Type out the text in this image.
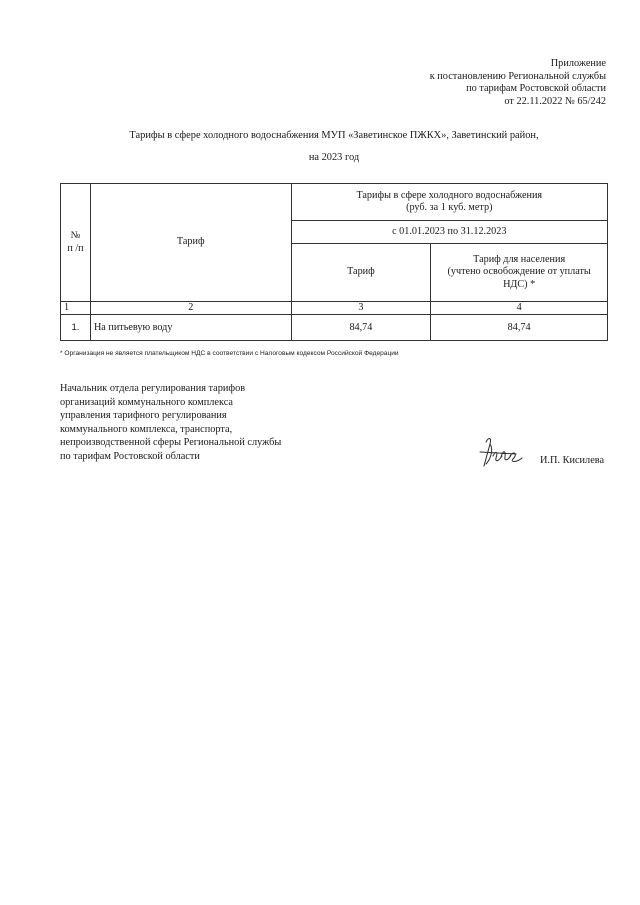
Приложение
к постановлению Региональной службы
по тарифам Ростовской области
от 22.11.2022 № 65/242
Тарифы в сфере холодного водоснабжения МУП «Заветинское ПЖКХ», Заветинский район,
на 2023 год
№
п /п	Тариф	Тарифы в сфере холодного водоснабжения
(руб. за 1 куб. метр)	
		с 01.01.2023 по 31.12.2023	
		Тариф	Тариф для населения
(учтено освобождение от уплаты
НДС) *
1	2	3	4
1.	На питьевую воду	84,74	84,74
* Организация не является плательщиком НДС в соответствии с Налоговым кодексом Российской Федерации
Начальник отдела регулирования тарифов
организаций коммунального комплекса
управления тарифного регулирования
коммунального комплекса, транспорта,
непроизводственной сферы Региональной службы
по тарифам Ростовской области	И.П. Кисилева
